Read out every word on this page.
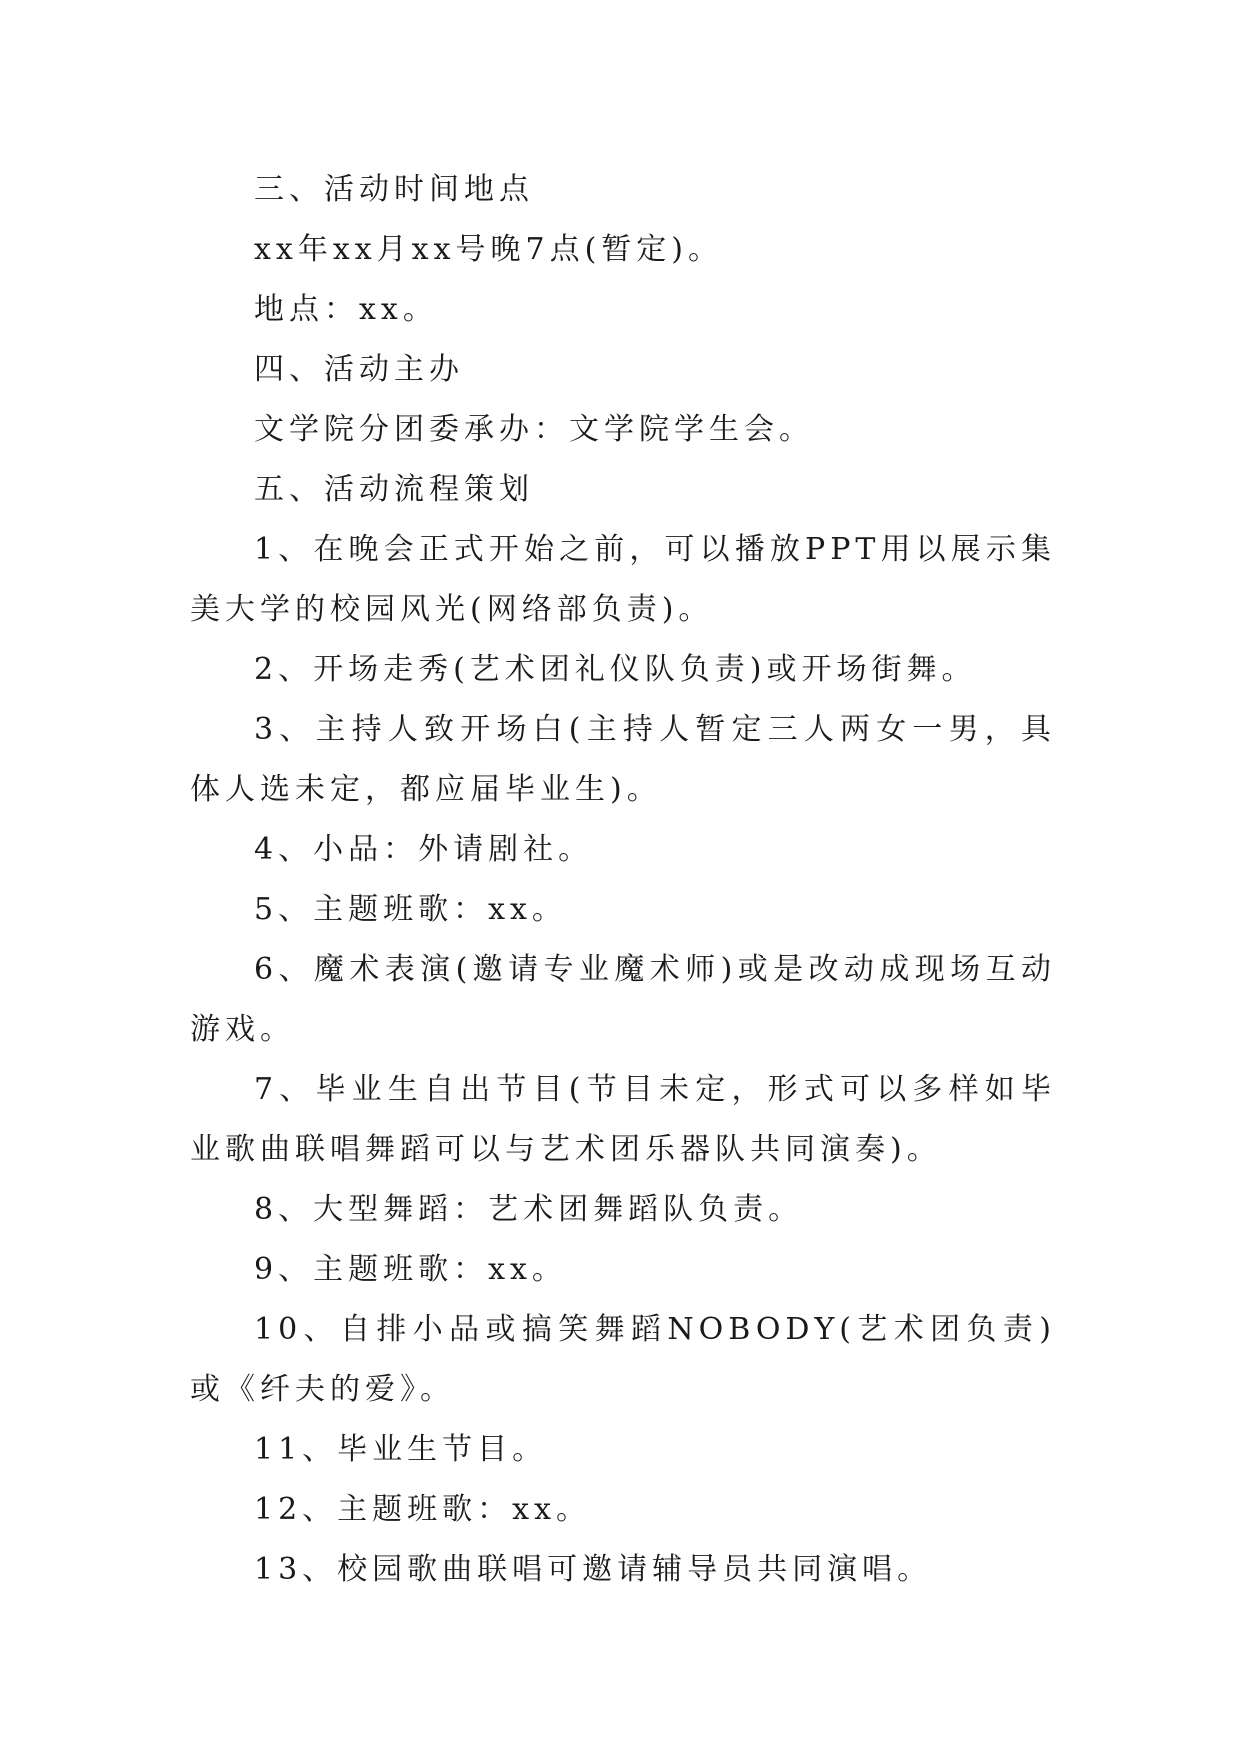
三、活动时间地点

xx年xx月xx号晚7点(暂定)。

地点：xx。

四、活动主办

文学院分团委承办：文学院学生会。

五、活动流程策划

1、在晚会正式开始之前，可以播放PPT用以展示集美大学的校园风光(网络部负责)。

2、开场走秀(艺术团礼仪队负责)或开场街舞。

3、主持人致开场白(主持人暂定三人两女一男，具体人选未定，都应届毕业生)。

4、小品：外请剧社。

5、主题班歌：xx。

6、魔术表演(邀请专业魔术师)或是改动成现场互动游戏。

7、毕业生自出节目(节目未定，形式可以多样如毕业歌曲联唱舞蹈可以与艺术团乐器队共同演奏)。

8、大型舞蹈：艺术团舞蹈队负责。

9、主题班歌：xx。

10、自排小品或搞笑舞蹈NOBODY(艺术团负责)或《纤夫的爱》。

11、毕业生节目。

12、主题班歌：xx。

13、校园歌曲联唱可邀请辅导员共同演唱。
